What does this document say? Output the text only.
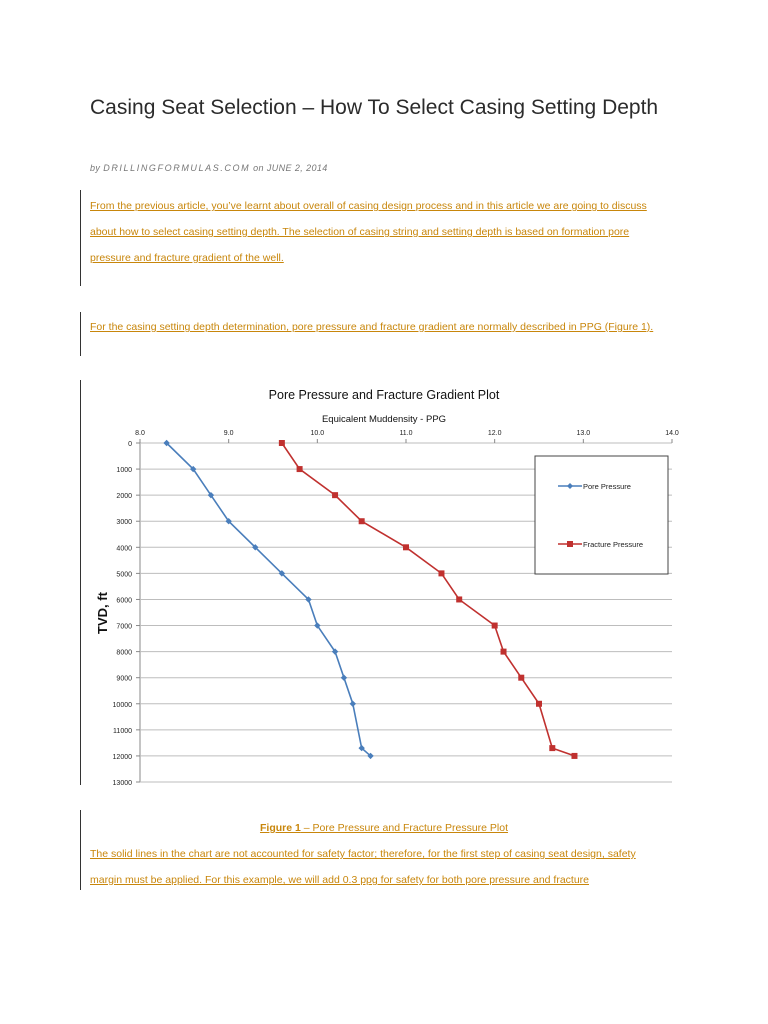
Casing Seat Selection – How To Select Casing Setting Depth
by DRILLINGFORMULAS.COM on JUNE 2, 2014

From the previous article, you’ve learnt about overall of casing design process and in this article we are going to discuss about how to select casing setting depth. The selection of casing string and setting depth is based on formation pore pressure and fracture gradient of the well.

For the casing setting depth determination, pore pressure and fracture gradient are normally described in PPG (Figure 1).

Pore Pressure and Fracture Gradient Plot
Equicalent Muddensity - PPG
TVD, ft
8.0	9.0	10.0	11.0	12.0	13.0	14.0
0
1000
2000
3000
4000
5000
6000
7000
8000
9000
10000
11000
12000
13000
Pore Pressure
Fracture Pressure
Figure 1 – Pore Pressure and Fracture Pressure Plot

The solid lines in the chart are not accounted for safety factor; therefore, for the first step of casing seat design, safety margin must be applied. For this example, we will add 0.3 ppg for safety for both pore pressure and fracture
